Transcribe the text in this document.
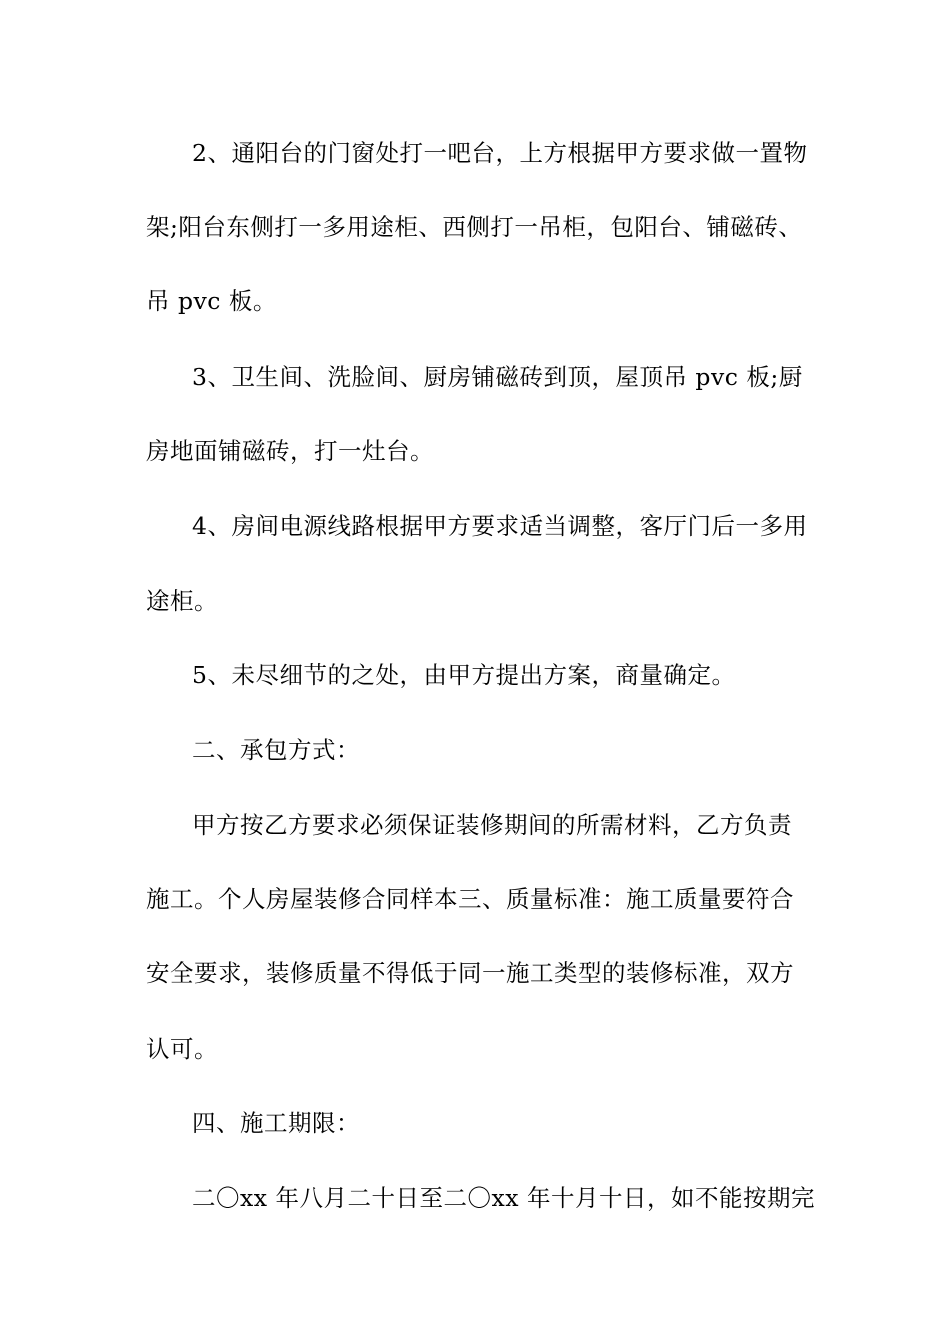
2、通阳台的门窗处打一吧台，上方根据甲方要求做一置物
架;阳台东侧打一多用途柜、西侧打一吊柜，包阳台、铺磁砖、
吊 pvc 板。
3、卫生间、洗脸间、厨房铺磁砖到顶，屋顶吊 pvc 板;厨
房地面铺磁砖，打一灶台。
4、房间电源线路根据甲方要求适当调整，客厅门后一多用
途柜。
5、未尽细节的之处，由甲方提出方案，商量确定。
二、承包方式：
甲方按乙方要求必须保证装修期间的所需材料，乙方负责
施工。个人房屋装修合同样本三、质量标准：施工质量要符合
安全要求，装修质量不得低于同一施工类型的装修标准，双方
认可。
四、施工期限：
二〇xx 年八月二十日至二〇xx 年十月十日，如不能按期完
